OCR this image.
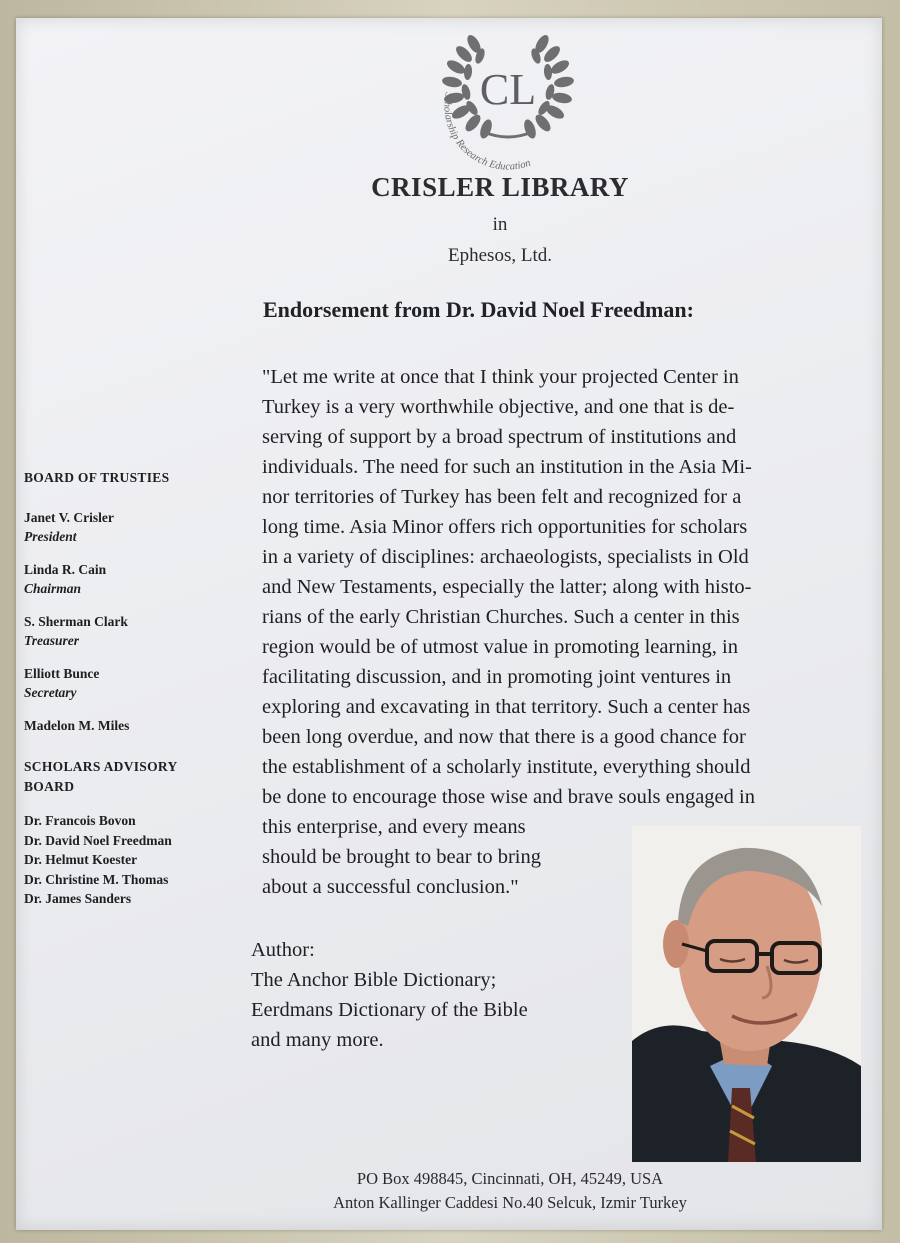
CL
Scholarship Research Education
CRISLER LIBRARY
in
Ephesos, Ltd.
Endorsement from Dr. David Noel Freedman:
"Let me write at once that I think your projected Center in
Turkey is a very worthwhile objective, and one that is de-
serving of support by a broad spectrum of institutions and
individuals. The need for such an institution in the Asia Mi-
nor territories of Turkey has been felt and recognized for a
long time. Asia Minor offers rich opportunities for scholars
in a variety of disciplines: archaeologists, specialists in Old
and New Testaments, especially the latter; along with histo-
rians of the early Christian Churches. Such a center in this
region would be of utmost value in promoting learning, in
facilitating discussion, and in promoting joint ventures in
exploring and excavating in that territory. Such a center has
been long overdue, and now that there is a good chance for
the establishment of a scholarly institute, everything should
be done to encourage those wise and brave souls engaged in
this enterprise, and every means
should be brought to bear to bring
about a successful conclusion."
Author:
The Anchor Bible Dictionary;
Eerdmans Dictionary of the Bible
and many more.
BOARD OF TRUSTIES
Janet V. Crisler
President
Linda R. Cain
Chairman
S. Sherman Clark
Treasurer
Elliott Bunce
Secretary
Madelon M. Miles
SCHOLARS ADVISORY
BOARD
Dr. Francois Bovon
Dr. David Noel Freedman
Dr. Helmut Koester
Dr. Christine M. Thomas
Dr. James Sanders
PO Box 498845, Cincinnati, OH, 45249, USA
Anton Kallinger Caddesi No.40 Selcuk, Izmir Turkey
